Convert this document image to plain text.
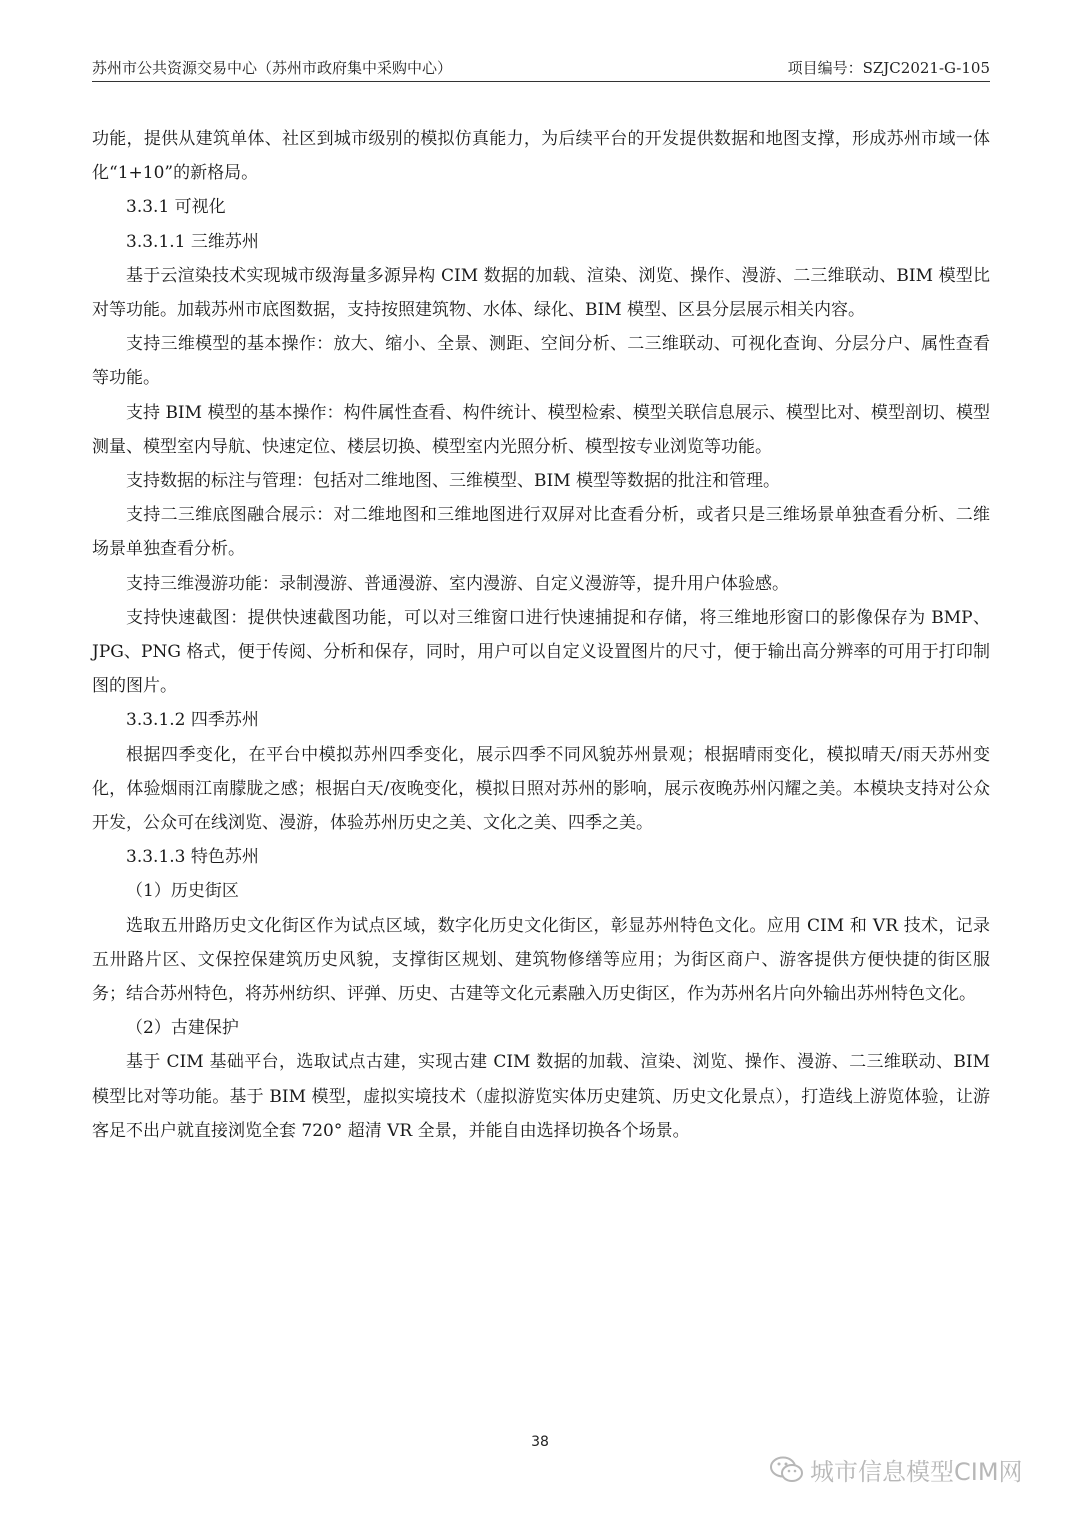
苏州市公共资源交易中心（苏州市政府集中采购中心）	项目编号：SZJC2021-G-105

功能，提供从建筑单体、社区到城市级别的模拟仿真能力，为后续平台的开发提供数据和地图支撑，形成苏州市域一体化“1+10”的新格局。

3.3.1 可视化

3.3.1.1 三维苏州

基于云渲染技术实现城市级海量多源异构 CIM 数据的加载、渲染、浏览、操作、漫游、二三维联动、BIM 模型比对等功能。加载苏州市底图数据，支持按照建筑物、水体、绿化、BIM 模型、区县分层展示相关内容。

支持三维模型的基本操作：放大、缩小、全景、测距、空间分析、二三维联动、可视化查询、分层分户、属性查看等功能。

支持 BIM 模型的基本操作：构件属性查看、构件统计、模型检索、模型关联信息展示、模型比对、模型剖切、模型测量、模型室内导航、快速定位、楼层切换、模型室内光照分析、模型按专业浏览等功能。

支持数据的标注与管理：包括对二维地图、三维模型、BIM 模型等数据的批注和管理。

支持二三维底图融合展示：对二维地图和三维地图进行双屏对比查看分析，或者只是三维场景单独查看分析、二维场景单独查看分析。

支持三维漫游功能：录制漫游、普通漫游、室内漫游、自定义漫游等，提升用户体验感。

支持快速截图：提供快速截图功能，可以对三维窗口进行快速捕捉和存储，将三维地形窗口的影像保存为 BMP、JPG、PNG 格式，便于传阅、分析和保存，同时，用户可以自定义设置图片的尺寸，便于输出高分辨率的可用于打印制图的图片。

3.3.1.2 四季苏州

根据四季变化，在平台中模拟苏州四季变化，展示四季不同风貌苏州景观；根据晴雨变化，模拟晴天/雨天苏州变化，体验烟雨江南朦胧之感；根据白天/夜晚变化，模拟日照对苏州的影响，展示夜晚苏州闪耀之美。本模块支持对公众开发，公众可在线浏览、漫游，体验苏州历史之美、文化之美、四季之美。

3.3.1.3 特色苏州

（1）历史街区

选取五卅路历史文化街区作为试点区域，数字化历史文化街区，彰显苏州特色文化。应用 CIM 和 VR 技术，记录五卅路片区、文保控保建筑历史风貌，支撑街区规划、建筑物修缮等应用；为街区商户、游客提供方便快捷的街区服务；结合苏州特色，将苏州纺织、评弹、历史、古建等文化元素融入历史街区，作为苏州名片向外输出苏州特色文化。

（2）古建保护

基于 CIM 基础平台，选取试点古建，实现古建 CIM 数据的加载、渲染、浏览、操作、漫游、二三维联动、BIM 模型比对等功能。基于 BIM 模型，虚拟实境技术（虚拟游览实体历史建筑、历史文化景点），打造线上游览体验，让游客足不出户就直接浏览全套 720° 超清 VR 全景，并能自由选择切换各个场景。

38
城市信息模型CIM网
